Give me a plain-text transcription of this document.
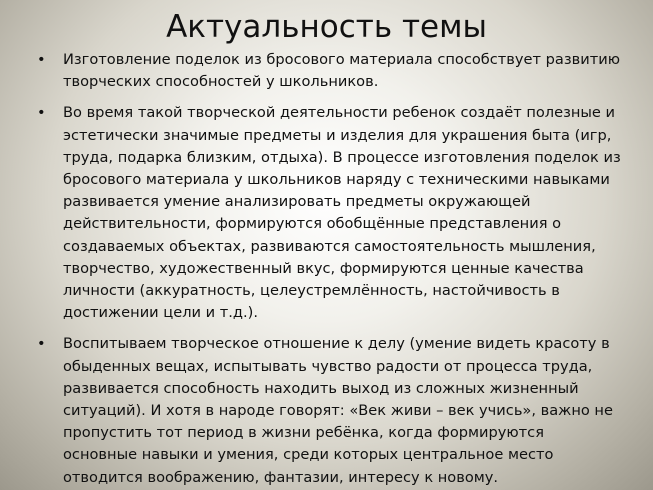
Актуальность темы
• Изготовление поделок из бросового материала способствует развитию творческих способностей у школьников.
• Во время такой творческой деятельности ребенок создаёт полезные и эстетически значимые предметы и изделия для украшения быта (игр, труда, подарка близким, отдыха). В процессе изготовления поделок из бросового материала у школьников наряду с техническими навыками развивается умение анализировать предметы окружающей действительности, формируются обобщённые представления о создаваемых объектах, развиваются самостоятельность мышления, творчество, художественный вкус, формируются ценные качества личности (аккуратность, целеустремлённость, настойчивость в достижении цели и т.д.).
• Воспитываем творческое отношение к делу (умение видеть красоту в обыденных вещах, испытывать чувство радости от процесса труда, развивается способность находить выход из сложных жизненный ситуаций). И хотя в народе говорят: «Век живи – век учись», важно не пропустить тот период в жизни ребёнка, когда формируются основные навыки и умения, среди которых центральное место отводится воображению, фантазии, интересу к новому.
